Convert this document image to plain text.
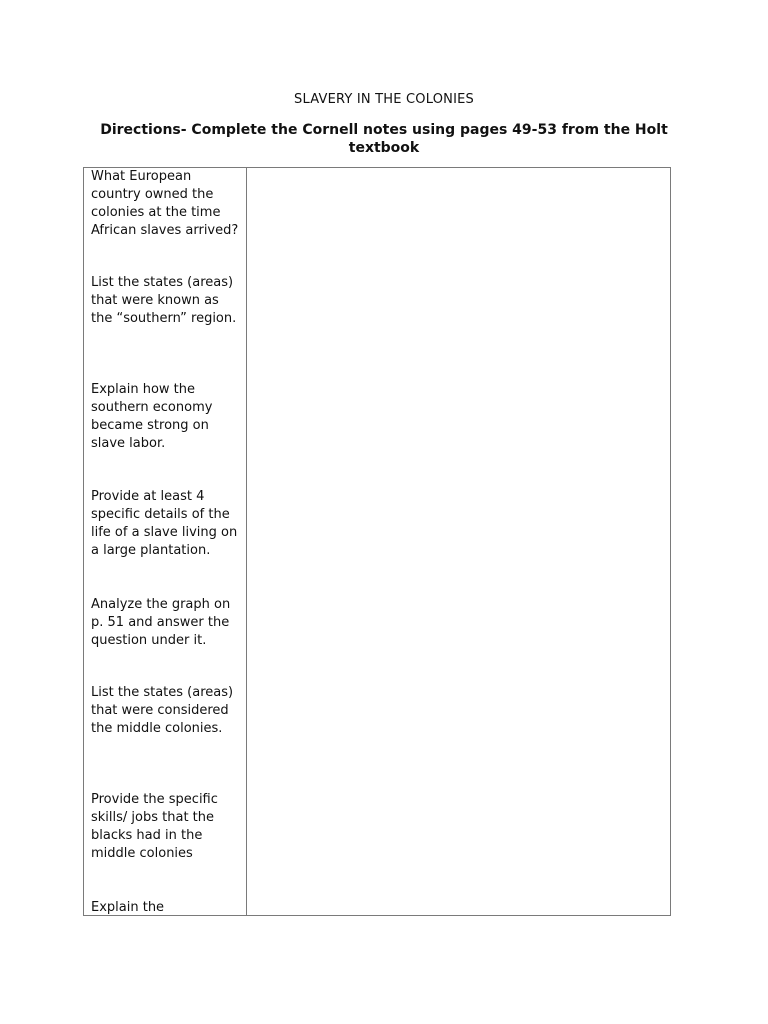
SLAVERY IN THE COLONIES
Directions- Complete the Cornell notes using pages 49-53 from the Holt textbook

What European country owned the colonies at the time African slaves arrived?

List the states (areas) that were known as the “southern” region.

Explain how the southern economy became strong on slave labor.

Provide at least 4 specific details of the life of a slave living on a large plantation.

Analyze the graph on p. 51 and answer the question under it.

List the states (areas) that were considered the middle colonies.

Provide the specific skills/ jobs that the blacks had in the middle colonies

Explain the
